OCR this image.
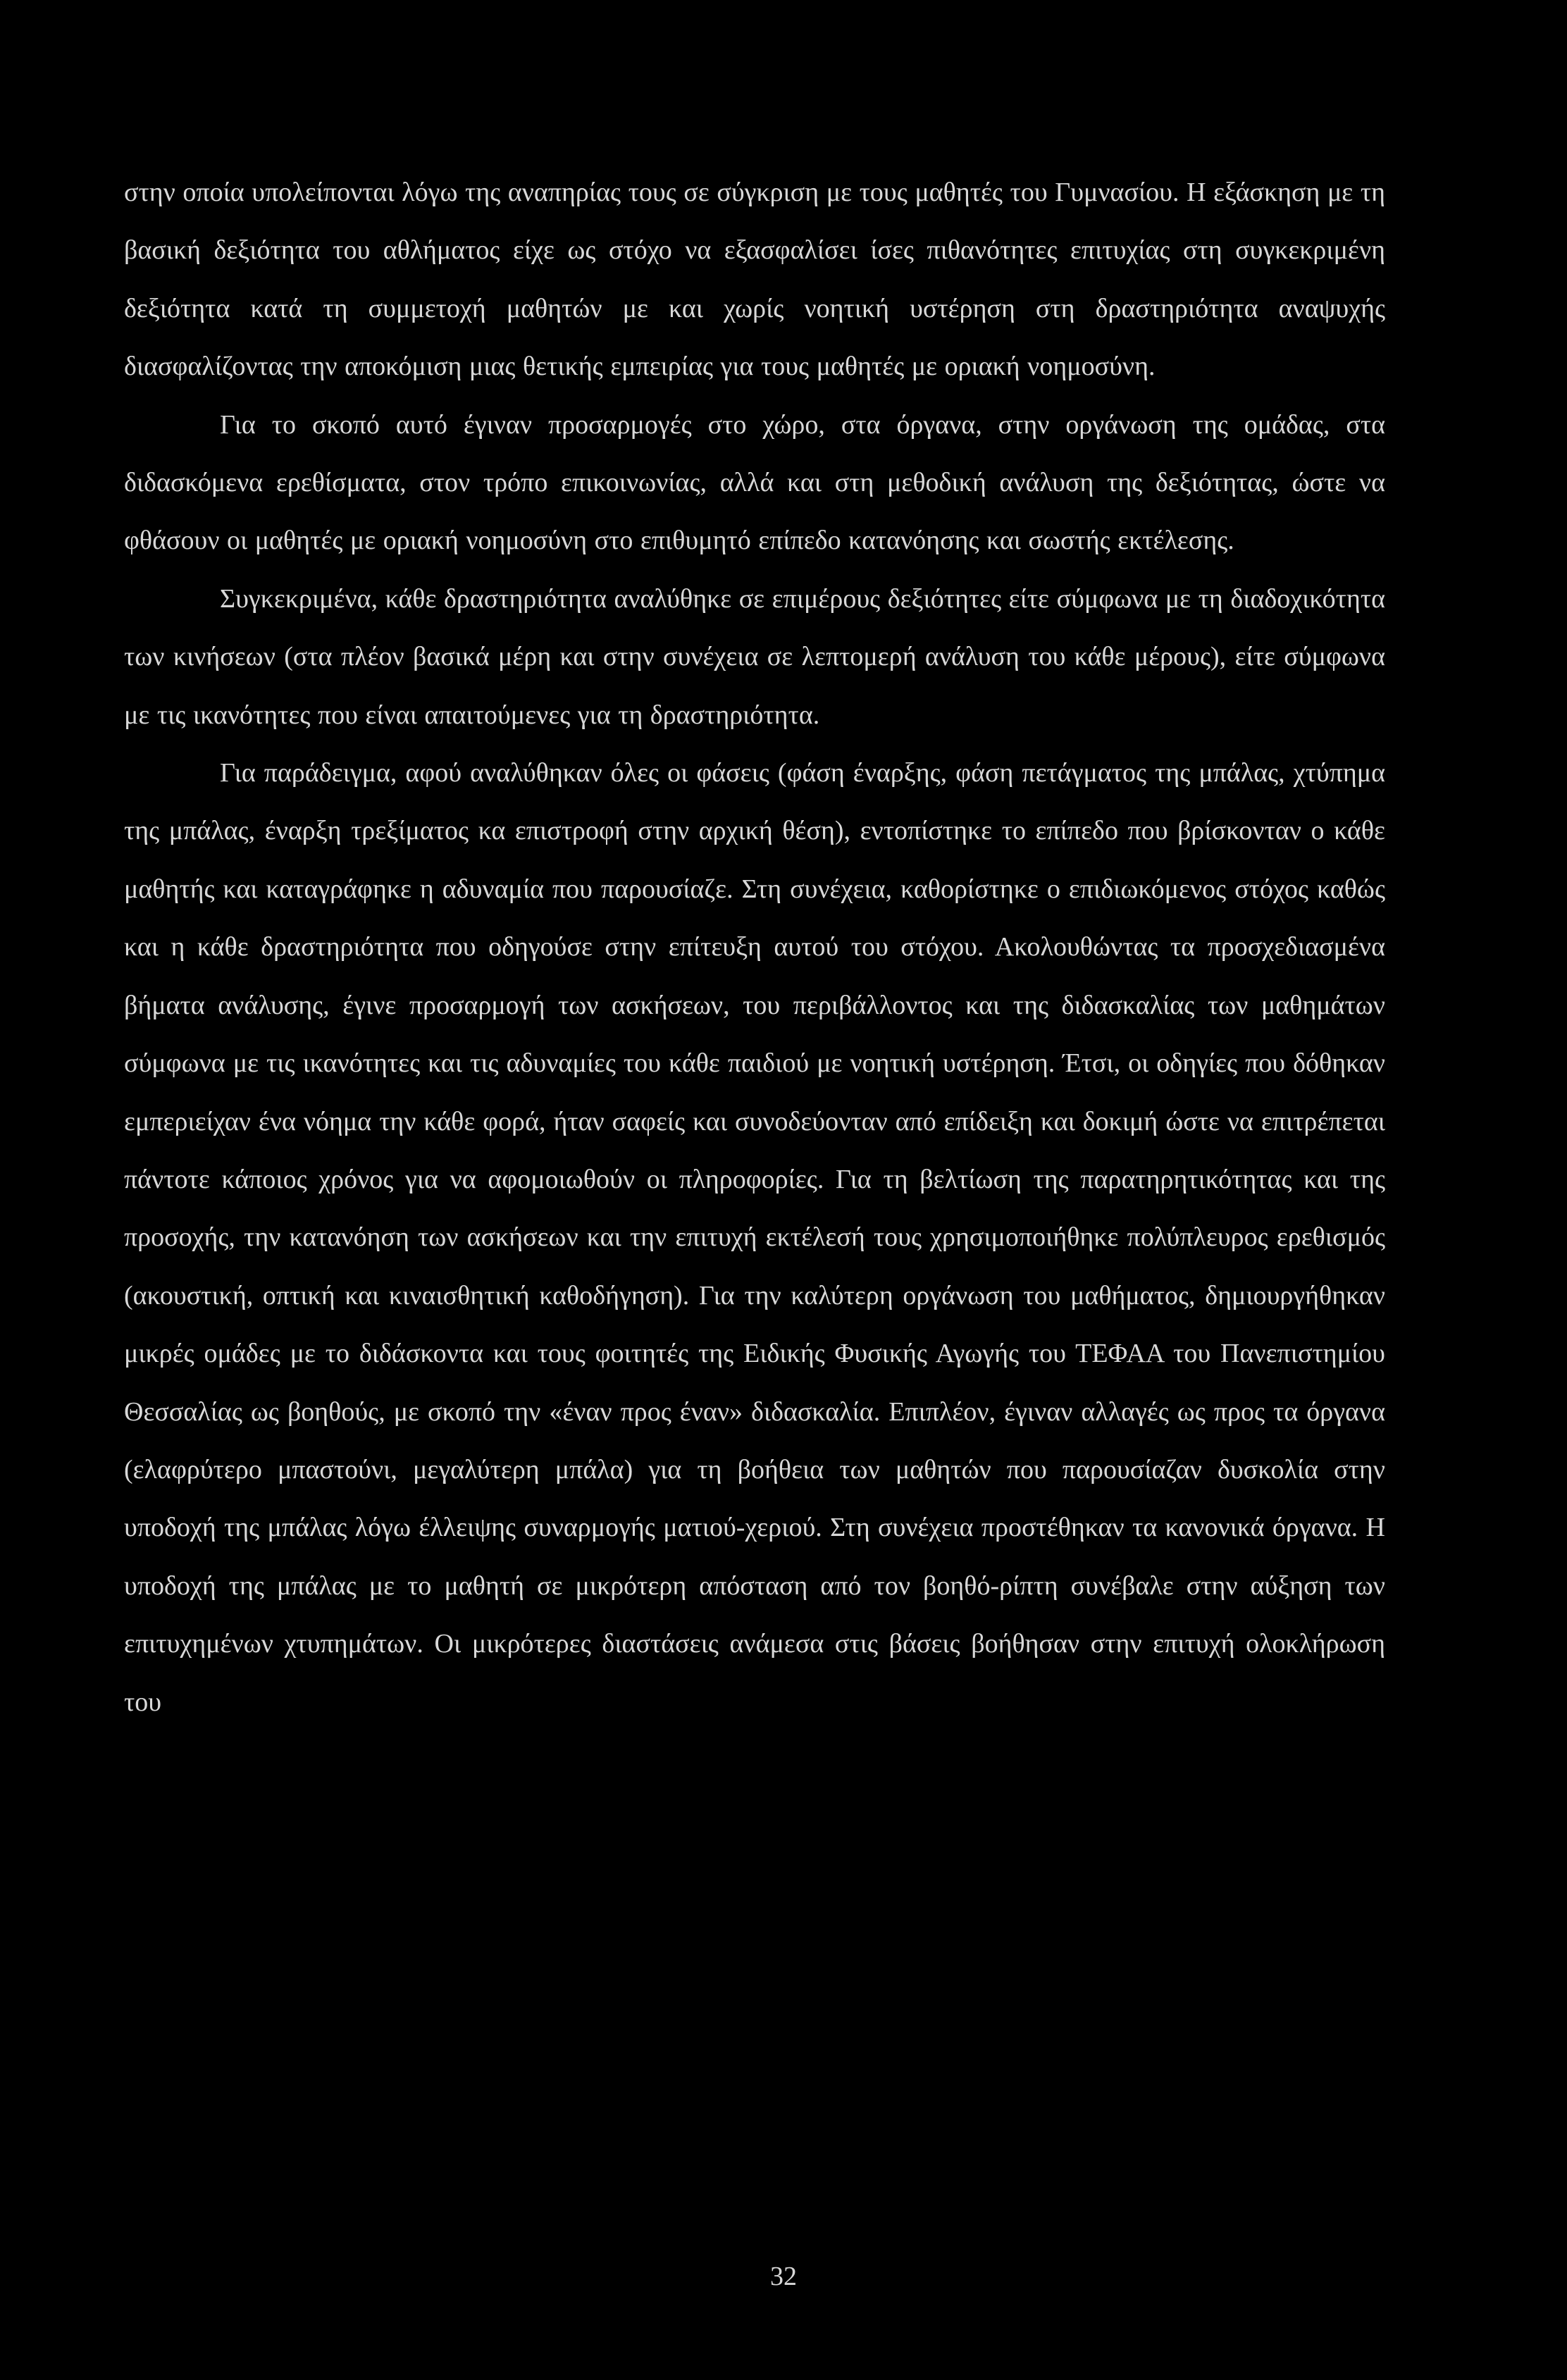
στην οποία υπολείπονται λόγω της αναπηρίας τους σε σύγκριση με τους μαθητές του Γυμνασίου. Η εξάσκηση με τη βασική δεξιότητα του αθλήματος είχε ως στόχο να εξασφαλίσει ίσες πιθανότητες επιτυχίας στη συγκεκριμένη δεξιότητα κατά τη συμμετοχή μαθητών με και χωρίς νοητική υστέρηση στη δραστηριότητα αναψυχής διασφαλίζοντας την αποκόμιση μιας θετικής εμπειρίας για τους μαθητές με οριακή νοημοσύνη.

Για το σκοπό αυτό έγιναν προσαρμογές στο χώρο, στα όργανα, στην οργάνωση της ομάδας, στα διδασκόμενα ερεθίσματα, στον τρόπο επικοινωνίας, αλλά και στη μεθοδική ανάλυση της δεξιότητας, ώστε να φθάσουν οι μαθητές με οριακή νοημοσύνη στο επιθυμητό επίπεδο κατανόησης και σωστής εκτέλεσης.

Συγκεκριμένα, κάθε δραστηριότητα αναλύθηκε σε επιμέρους δεξιότητες είτε σύμφωνα με τη διαδοχικότητα των κινήσεων (στα πλέον βασικά μέρη και στην συνέχεια σε λεπτομερή ανάλυση του κάθε μέρους), είτε σύμφωνα με τις ικανότητες που είναι απαιτούμενες για τη δραστηριότητα.

Για παράδειγμα, αφού αναλύθηκαν όλες οι φάσεις (φάση έναρξης, φάση πετάγματος της μπάλας, χτύπημα της μπάλας, έναρξη τρεξίματος κα επιστροφή στην αρχική θέση), εντοπίστηκε το επίπεδο που βρίσκονταν ο κάθε μαθητής και καταγράφηκε η αδυναμία που παρουσίαζε. Στη συνέχεια, καθορίστηκε ο επιδιωκόμενος στόχος καθώς και η κάθε δραστηριότητα που οδηγούσε στην επίτευξη αυτού του στόχου. Ακολουθώντας τα προσχεδιασμένα βήματα ανάλυσης, έγινε προσαρμογή των ασκήσεων, του περιβάλλοντος και της διδασκαλίας των μαθημάτων σύμφωνα με τις ικανότητες και τις αδυναμίες του κάθε παιδιού με νοητική υστέρηση. Έτσι, οι οδηγίες που δόθηκαν εμπεριείχαν ένα νόημα την κάθε φορά, ήταν σαφείς και συνοδεύονταν από επίδειξη και δοκιμή ώστε να επιτρέπεται πάντοτε κάποιος χρόνος για να αφομοιωθούν οι πληροφορίες. Για τη βελτίωση της παρατηρητικότητας και της προσοχής, την κατανόηση των ασκήσεων και την επιτυχή εκτέλεσή τους χρησιμοποιήθηκε πολύπλευρος ερεθισμός (ακουστική, οπτική και κιναισθητική καθοδήγηση). Για την καλύτερη οργάνωση του μαθήματος, δημιουργήθηκαν μικρές ομάδες με το διδάσκοντα και τους φοιτητές της Ειδικής Φυσικής Αγωγής του ΤΕΦΑΑ του Πανεπιστημίου Θεσσαλίας ως βοηθούς, με σκοπό την «έναν προς έναν» διδασκαλία. Επιπλέον, έγιναν αλλαγές ως προς τα όργανα (ελαφρύτερο μπαστούνι, μεγαλύτερη μπάλα) για τη βοήθεια των μαθητών που παρουσίαζαν δυσκολία στην υποδοχή της μπάλας λόγω έλλειψης συναρμογής ματιού-χεριού. Στη συνέχεια προστέθηκαν τα κανονικά όργανα. Η υποδοχή της μπάλας με το μαθητή σε μικρότερη απόσταση από τον βοηθό-ρίπτη συνέβαλε στην αύξηση των επιτυχημένων χτυπημάτων. Οι μικρότερες διαστάσεις ανάμεσα στις βάσεις βοήθησαν στην επιτυχή ολοκλήρωση του

32
